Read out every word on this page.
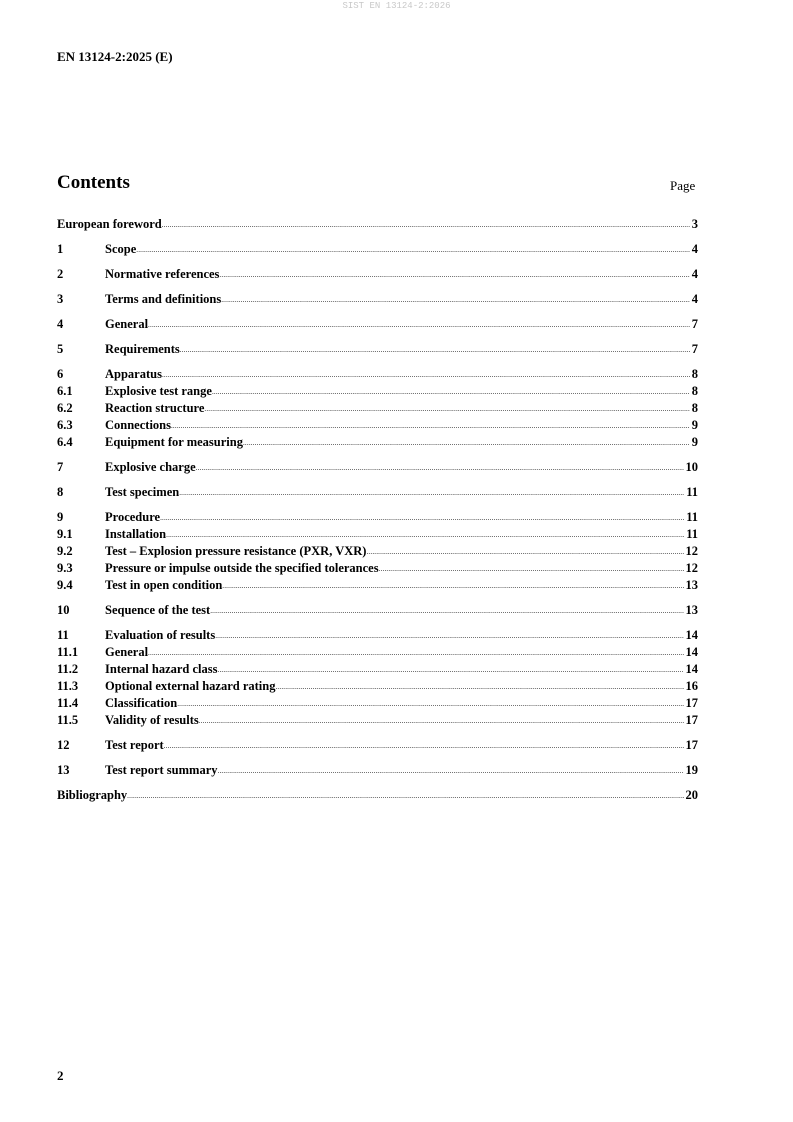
SIST EN 13124-2:2026
EN 13124-2:2025 (E)
Contents	Page
European foreword .....	3
1	Scope .....	4
2	Normative references .....	4
3	Terms and definitions .....	4
4	General .....	7
5	Requirements .....	7
6	Apparatus .....	8
6.1	Explosive test range .....	8
6.2	Reaction structure .....	8
6.3	Connections .....	9
6.4	Equipment for measuring .....	9
7	Explosive charge .....	10
8	Test specimen .....	11
9	Procedure .....	11
9.1	Installation .....	11
9.2	Test – Explosion pressure resistance (PXR, VXR) .....	12
9.3	Pressure or impulse outside the specified tolerances .....	12
9.4	Test in open condition .....	13
10	Sequence of the test .....	13
11	Evaluation of results .....	14
11.1	General .....	14
11.2	Internal hazard class .....	14
11.3	Optional external hazard rating .....	16
11.4	Classification .....	17
11.5	Validity of results .....	17
12	Test report .....	17
13	Test report summary .....	19
Bibliography .....	20
2
